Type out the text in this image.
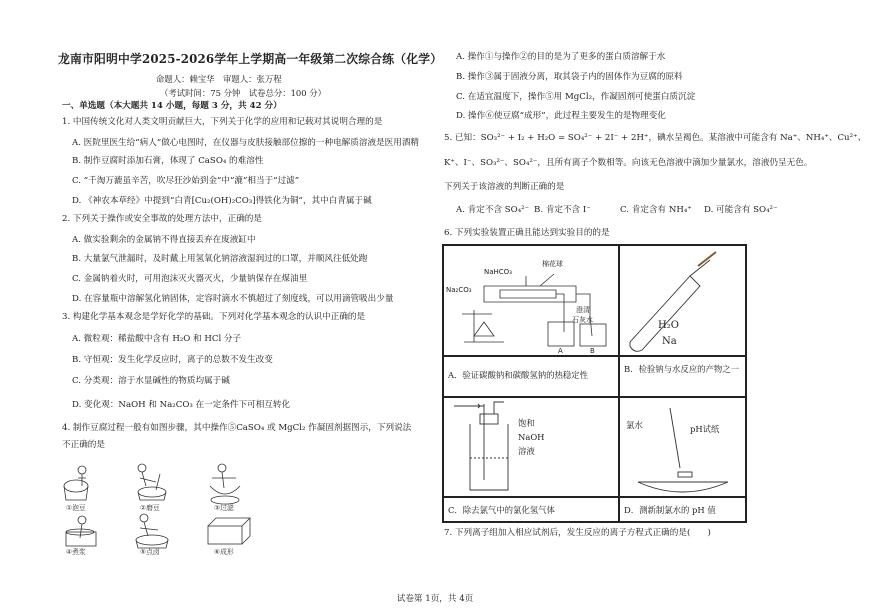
龙南市阳明中学2025-2026学年上学期高一年级第二次综合练（化学）
命题人：赖宝华　审题人：张万程
（考试时间：75 分钟　试卷总分：100 分）
一、单选题（本大题共 14 小题，每题 3 分，共 42 分）
1. 中国传统文化对人类文明贡献巨大，下列关于化学的应用和记载对其说明合理的是
A. 医院里医生给“病人”做心电图时，在仪器与皮肤接触部位擦的一种电解质溶液是医用酒精
B. 制作豆腐时添加石膏，体现了 CaSO₄ 的难溶性
C. “千淘万漉虽辛苦，吹尽狂沙始到金”中“漉”相当于“过滤”
D. 《神农本草经》中提到“白青[Cu₂(OH)₂CO₃]得铁化为铜”，其中白青属于碱
2. 下列关于操作或安全事故的处理方法中，正确的是
A. 做实验剩余的金属钠不得直接丢弃在废液缸中
B. 大量氯气泄漏时，及时戴上用氢氧化钠溶液湿润过的口罩，并顺风往低处跑
C. 金属钠着火时，可用泡沫灭火器灭火，少量钠保存在煤油里
D. 在容量瓶中溶解氢化钠固体，定容时滴水不慎超过了刻度线，可以用滴管吸出少量
3. 构建化学基本观念是学好化学的基础。下列对化学基本观念的认识中正确的是
A. 微粒观：稀盐酸中含有 H₂O 和 HCl 分子
B. 守恒观：发生化学反应时，离子的总数不发生改变
C. 分类观：溶于水显碱性的物质均属于碱
D. 变化观：NaOH 和 Na₂CO₃ 在一定条件下可相互转化
4. 制作豆腐过程一般有如图步骤，其中操作⑤CaSO₄ 或 MgCl₂ 作凝固剂据图示，下列说法
不正确的是
①泡豆	②磨豆	③过滤
④煮浆	⑤点卤	⑥成形
A. 操作①与操作②的目的是为了更多的蛋白质溶解于水
B. 操作③属于固液分离，取其袋子内的固体作为豆腐的原料
C. 在适宜温度下，操作⑤用 MgCl₂，作凝固剂可使蛋白质沉淀
D. 操作⑥使豆腐“成形”，此过程主要发生的是物理变化
5. 已知：SO₃²⁻ + I₂ + H₂O = SO₄²⁻ + 2I⁻ + 2H⁺，碘水呈褐色。某溶液中可能含有 Na⁺、NH₄⁺、Cu²⁺、
K⁺、I⁻、SO₃²⁻、SO₄²⁻，且所有离子个数相等。向该无色溶液中滴加少量氯水，溶液仍呈无色。
下列关于该溶液的判断正确的是
A. 肯定不含 SO₄²⁻ B. 肯定不含 I⁻	C. 肯定含有 NH₄⁺ D. 可能含有 SO₄²⁻
6. 下列实验装置正确且能达到实验目的的是
棉花球
NaHCO₃
Na₂CO₃
澄清
石灰水
A	B
H₂O
Na
A．验证碳酸钠和碳酸氢钠的热稳定性
B．检验钠与水反应的产物之一
饱和
NaOH
溶液
氯水	pH试纸
C．除去氯气中的氯化氢气体	D．测新制氯水的 pH 值
7. 下列离子组加入相应试剂后，发生反应的离子方程式正确的是(　　)
试卷第 1页，共 4页
